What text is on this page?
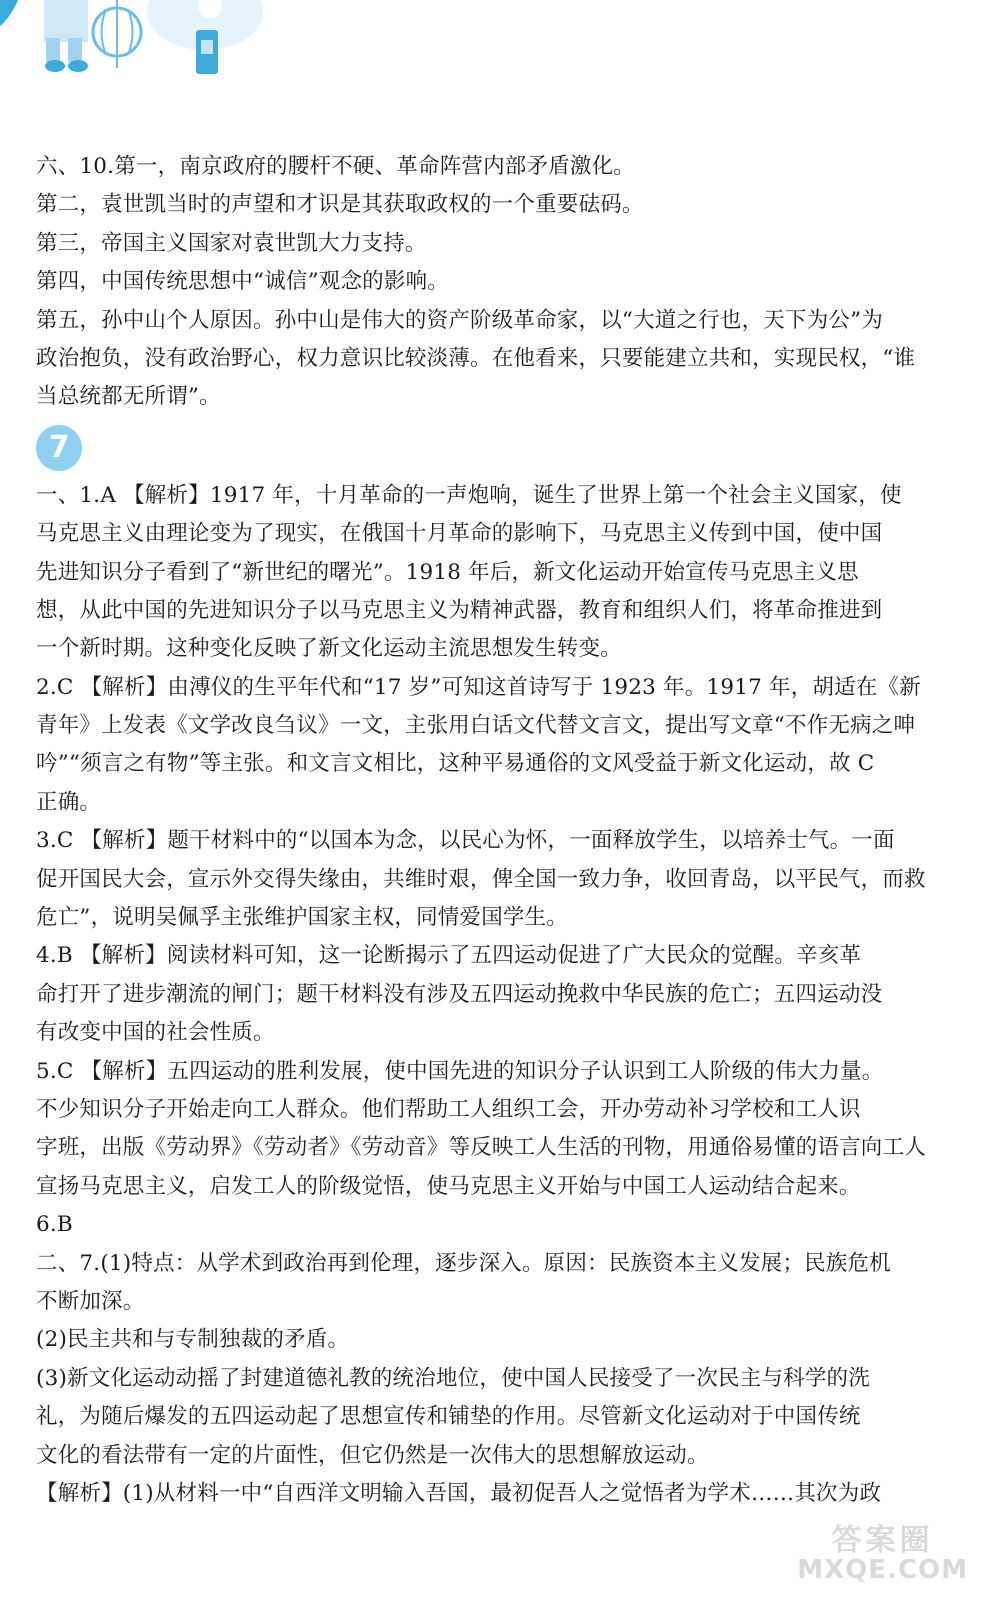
六、10.第一，南京政府的腰杆不硬、革命阵营内部矛盾激化。
第二，袁世凯当时的声望和才识是其获取政权的一个重要砝码。
第三，帝国主义国家对袁世凯大力支持。
第四，中国传统思想中“诚信”观念的影响。
第五，孙中山个人原因。孙中山是伟大的资产阶级革命家，以“大道之行也，天下为公”为
政治抱负，没有政治野心，权力意识比较淡薄。在他看来，只要能建立共和，实现民权，“谁
当总统都无所谓”。
7
一、1.A 【解析】1917 年，十月革命的一声炮响，诞生了世界上第一个社会主义国家，使
马克思主义由理论变为了现实，在俄国十月革命的影响下，马克思主义传到中国，使中国
先进知识分子看到了“新世纪的曙光”。1918 年后，新文化运动开始宣传马克思主义思
想，从此中国的先进知识分子以马克思主义为精神武器，教育和组织人们，将革命推进到
一个新时期。这种变化反映了新文化运动主流思想发生转变。
2.C 【解析】由溥仪的生平年代和“17 岁”可知这首诗写于 1923 年。1917 年，胡适在《新
青年》上发表《文学改良刍议》一文，主张用白话文代替文言文，提出写文章“不作无病之呻
吟”“须言之有物”等主张。和文言文相比，这种平易通俗的文风受益于新文化运动，故 C
正确。
3.C 【解析】题干材料中的“以国本为念，以民心为怀，一面释放学生，以培养士气。一面
促开国民大会，宣示外交得失缘由，共维时艰，俾全国一致力争，收回青岛，以平民气，而救
危亡”，说明吴佩孚主张维护国家主权，同情爱国学生。
4.B 【解析】阅读材料可知，这一论断揭示了五四运动促进了广大民众的觉醒。辛亥革
命打开了进步潮流的闸门；题干材料没有涉及五四运动挽救中华民族的危亡；五四运动没
有改变中国的社会性质。
5.C 【解析】五四运动的胜利发展，使中国先进的知识分子认识到工人阶级的伟大力量。
不少知识分子开始走向工人群众。他们帮助工人组织工会，开办劳动补习学校和工人识
字班，出版《劳动界》《劳动者》《劳动音》等反映工人生活的刊物，用通俗易懂的语言向工人
宣扬马克思主义，启发工人的阶级觉悟，使马克思主义开始与中国工人运动结合起来。
6.B
二、7.(1)特点：从学术到政治再到伦理，逐步深入。原因：民族资本主义发展；民族危机
不断加深。
(2)民主共和与专制独裁的矛盾。
(3)新文化运动动摇了封建道德礼教的统治地位，使中国人民接受了一次民主与科学的洗
礼，为随后爆发的五四运动起了思想宣传和铺垫的作用。尽管新文化运动对于中国传统
文化的看法带有一定的片面性，但它仍然是一次伟大的思想解放运动。
【解析】(1)从材料一中“自西洋文明输入吾国，最初促吾人之觉悟者为学术……其次为政
答案圈
MXQE.COM
